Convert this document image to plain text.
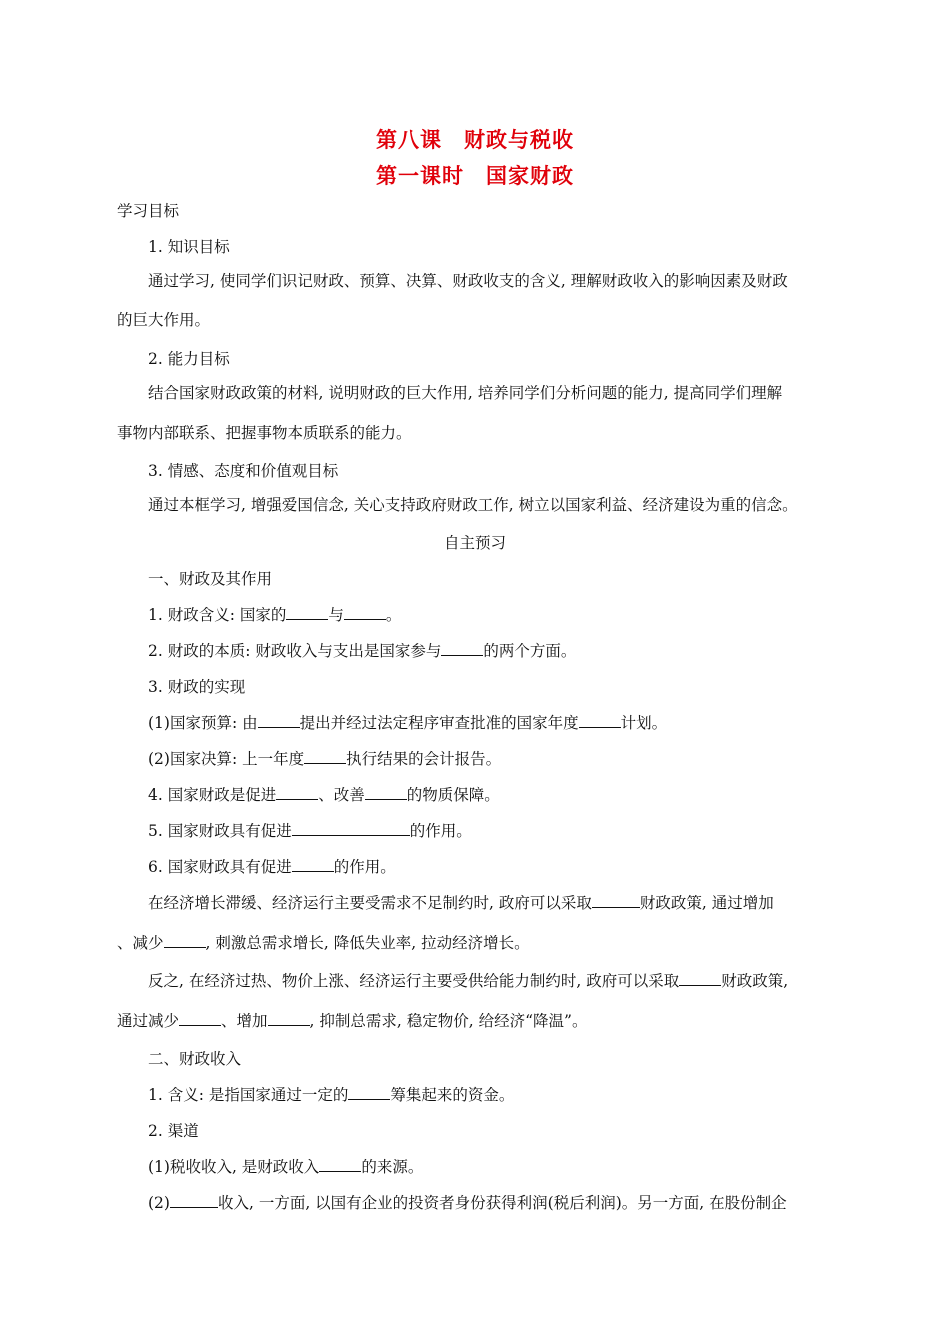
第八课　财政与税收
第一课时　国家财政
学习目标
1. 知识目标
通过学习, 使同学们识记财政、预算、决算、财政收支的含义, 理解财政收入的影响因素及财政
的巨大作用。
2. 能力目标
结合国家财政政策的材料, 说明财政的巨大作用, 培养同学们分析问题的能力, 提高同学们理解
事物内部联系、把握事物本质联系的能力。
3. 情感、态度和价值观目标
通过本框学习, 增强爱国信念, 关心支持政府财政工作, 树立以国家利益、经济建设为重的信念。
自主预习
一、财政及其作用
1. 财政含义: 国家的	与	。
2. 财政的本质: 财政收入与支出是国家参与	的两个方面。
3. 财政的实现
(1)国家预算: 由	提出并经过法定程序审查批准的国家年度	计划。
(2)国家决算: 上一年度	执行结果的会计报告。
4. 国家财政是促进	、改善	的物质保障。
5. 国家财政具有促进	的作用。
6. 国家财政具有促进	的作用。
在经济增长滞缓、经济运行主要受需求不足制约时, 政府可以采取	财政政策, 通过增加
、减少	, 刺激总需求增长, 降低失业率, 拉动经济增长。
反之, 在经济过热、物价上涨、经济运行主要受供给能力制约时, 政府可以采取	财政政策,
通过减少	、增加	, 抑制总需求, 稳定物价, 给经济“降温”。
二、财政收入
1. 含义: 是指国家通过一定的	筹集起来的资金。
2. 渠道
(1)税收收入, 是财政收入	的来源。
(2)	收入, 一方面, 以国有企业的投资者身份获得利润(税后利润)。另一方面, 在股份制企
